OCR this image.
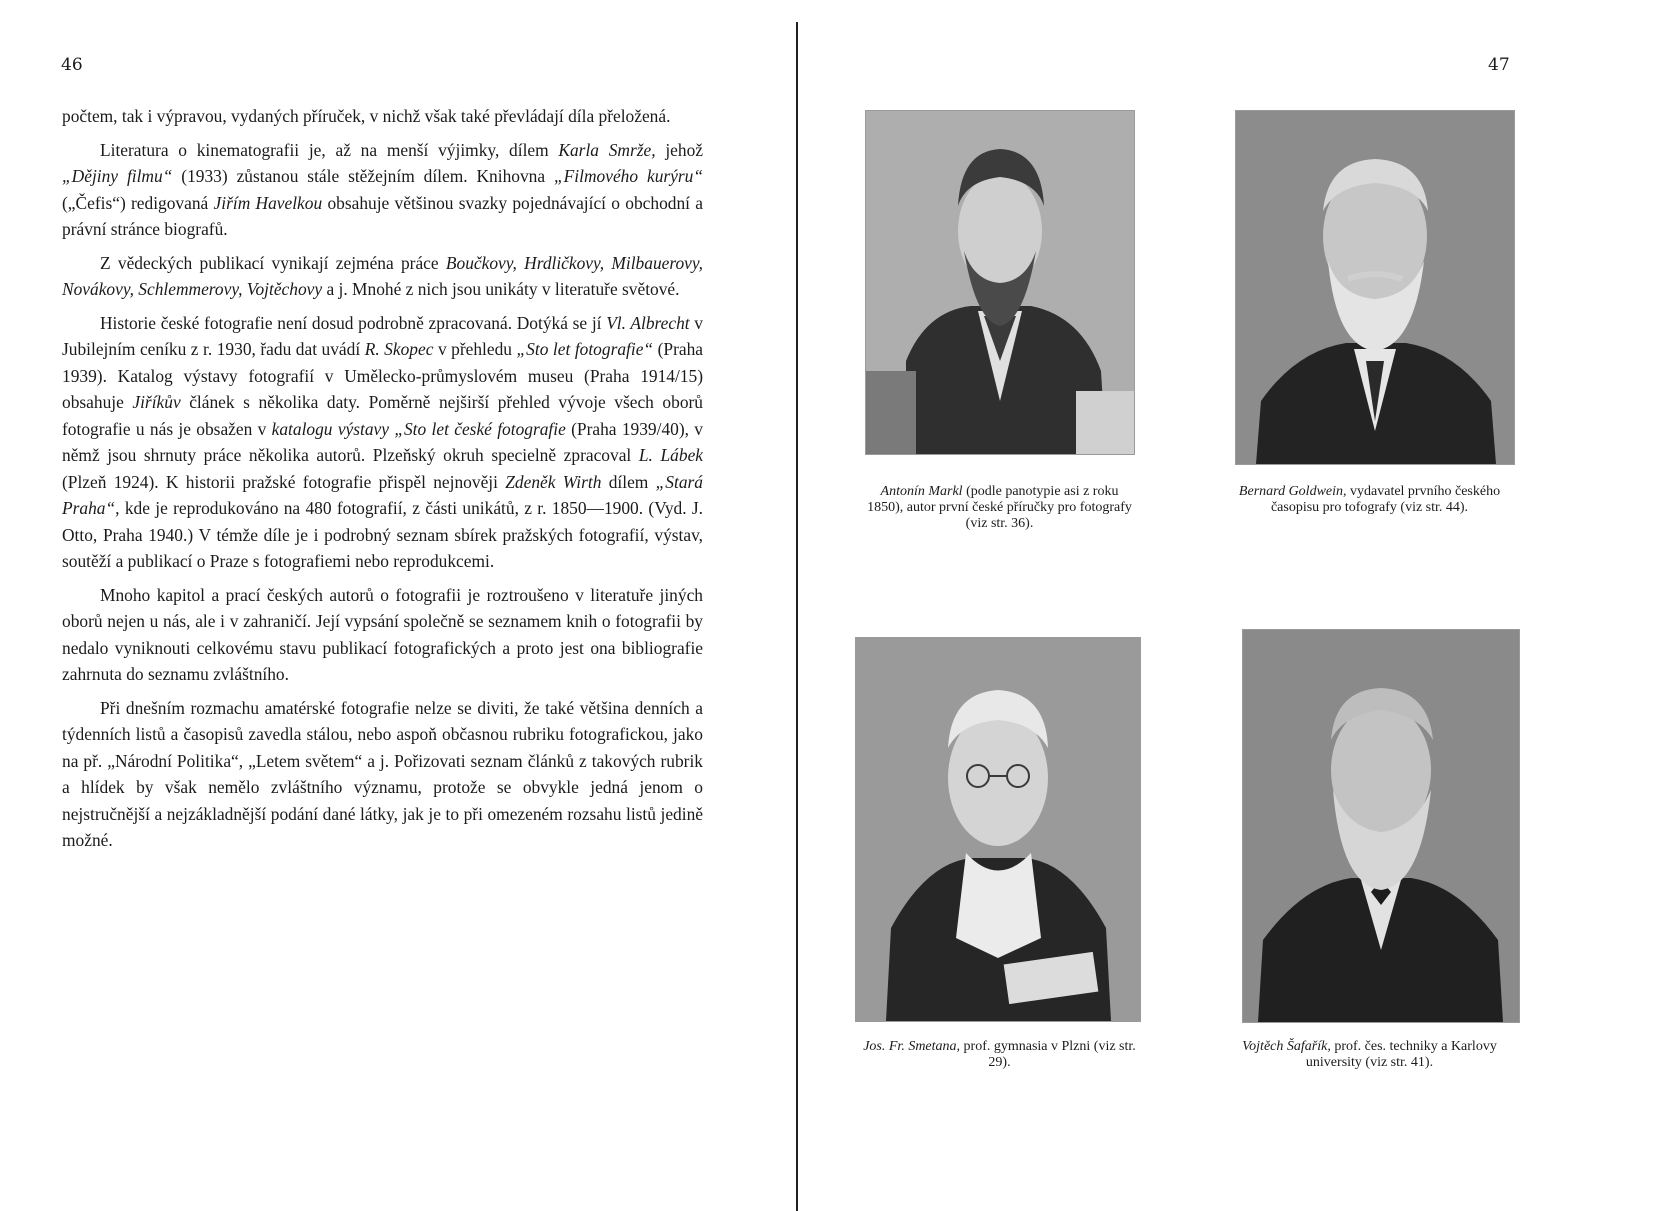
46	47

počtem, tak i výpravou, vydaných příruček, v nichž však také převládají díla přeložená.

Literatura o kinematografii je, až na menší výjimky, dílem Karla Smrže, jehož „Dějiny filmu“ (1933) zůstanou stále stěžejním dílem. Knihovna „Filmového kurýru“ („Čefis“) redigovaná Jiřím Havelkou obsahuje většinou svazky pojednávající o obchodní a právní stránce biografů.

Z vědeckých publikací vynikají zejména práce Boučkovy, Hrdličkovy, Milbauerovy, Novákovy, Schlemmerovy, Vojtěchovy a j. Mnohé z nich jsou unikáty v literatuře světové.

Historie české fotografie není dosud podrobně zpracovaná. Dotýká se jí Vl. Albrecht v Jubilejním ceníku z r. 1930, řadu dat uvádí R. Skopec v přehledu „Sto let fotografie“ (Praha 1939). Katalog výstavy fotografií v Umělecko-průmyslovém museu (Praha 1914/15) obsahuje Jiříkův článek s několika daty. Poměrně nejširší přehled vývoje všech oborů fotografie u nás je obsažen v katalogu výstavy „Sto let české fotografie (Praha 1939/40), v němž jsou shrnuty práce několika autorů. Plzeňský okruh specielně zpracoval L. Lábek (Plzeň 1924). K historii pražské fotografie přispěl nejnověji Zdeněk Wirth dílem „Stará Praha“, kde je reprodukováno na 480 fotografií, z části unikátů, z r. 1850—1900. (Vyd. J. Otto, Praha 1940.) V témže díle je i podrobný seznam sbírek pražských fotografií, výstav, soutěží a publikací o Praze s fotografiemi nebo reprodukcemi.

Mnoho kapitol a prací českých autorů o fotografii je roztroušeno v literatuře jiných oborů nejen u nás, ale i v zahraničí. Její vypsání společně se seznamem knih o fotografii by nedalo vyniknouti celkovému stavu publikací fotografických a proto jest ona bibliografie zahrnuta do seznamu zvláštního.

Při dnešním rozmachu amatérské fotografie nelze se diviti, že také většina denních a týdenních listů a časopisů zavedla stálou, nebo aspoň občasnou rubriku fotografickou, jako na př. „Národní Politika“, „Letem světem“ a j. Pořizovati seznam článků z takových rubrik a hlídek by však nemělo zvláštního významu, protože se obvykle jedná jenom o nejstručnější a nejzákladnější podání dané látky, jak je to při omezeném rozsahu listů jedině možné.

Antonín Markl (podle panotypie asi z roku 1850), autor první české příručky pro fotografy (viz str. 36).
Bernard Goldwein, vydavatel prvního českého časopisu pro tofografy (viz str. 44).
Jos. Fr. Smetana, prof. gymnasia v Plzni (viz str. 29).
Vojtěch Šafařík, prof. čes. techniky a Karlovy university (viz str. 41).
